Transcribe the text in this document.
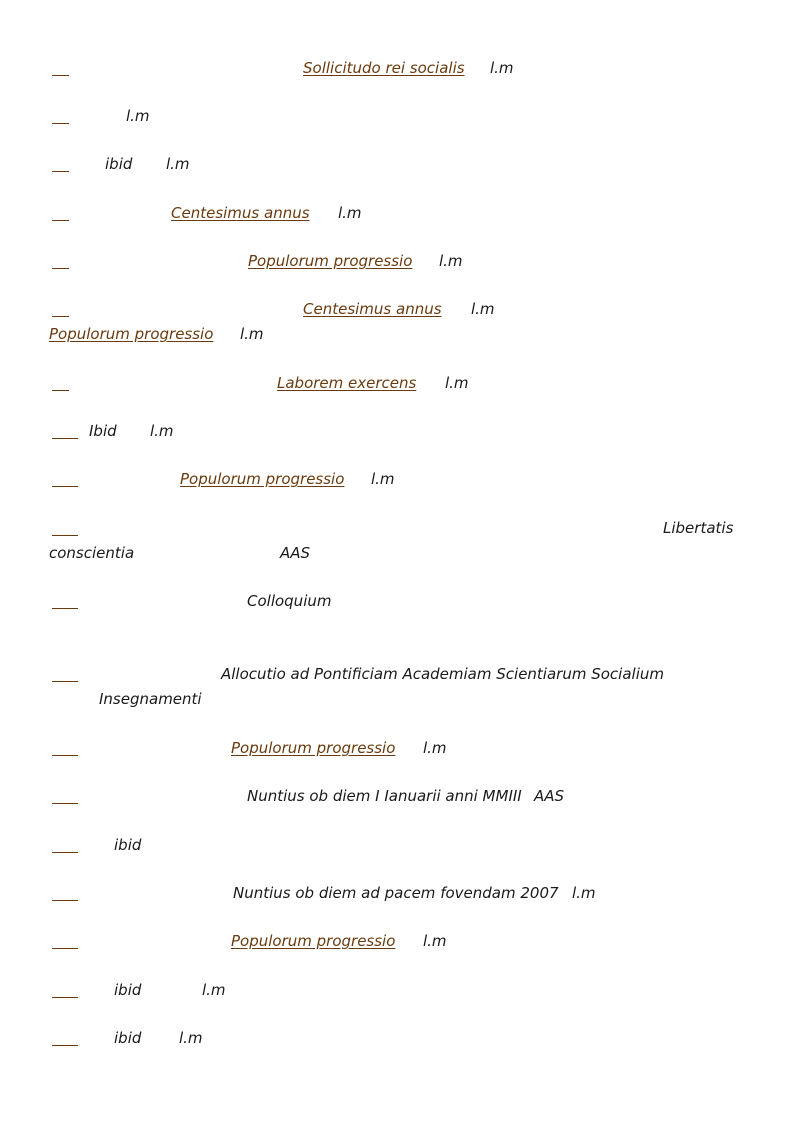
Sollicitudo rei socialis l.m
l.m
ibid l.m
Centesimus annus l.m
Populorum progressio l.m
Centesimus annus l.m
Populorum progressio l.m
Laborem exercens l.m
Ibid l.m
Populorum progressio l.m
Libertatis
conscientia	AAS
Colloquium
Allocutio ad Pontificiam Academiam Scientiarum Socialium
Insegnamenti
Populorum progressio l.m
Nuntius ob diem I Ianuarii anni MMIII AAS
ibid
Nuntius ob diem ad pacem fovendam 2007 l.m
Populorum progressio l.m
ibid	l.m
ibid	l.m
